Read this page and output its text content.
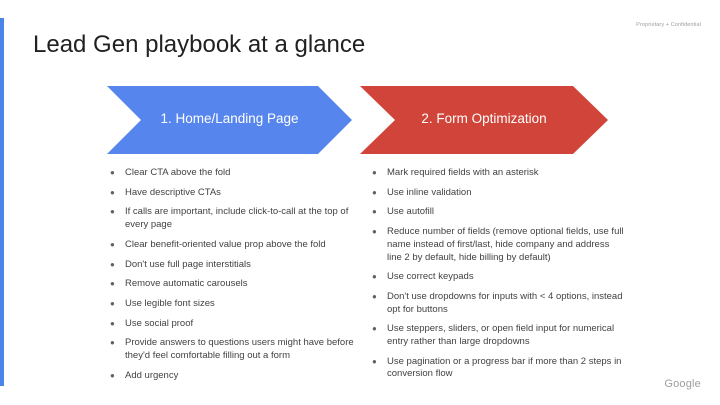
Proprietary + Confidential
Lead Gen playbook at a glance
1. Home/Landing Page	2. Form Optimization
● Clear CTA above the fold
● Have descriptive CTAs
● If calls are important, include click-to-call at the top of every page
● Clear benefit-oriented value prop above the fold
● Don't use full page interstitials
● Remove automatic carousels
● Use legible font sizes
● Use social proof
● Provide answers to questions users might have before they'd feel comfortable filling out a form
● Add urgency
● Mark required fields with an asterisk
● Use inline validation
● Use autofill
● Reduce number of fields (remove optional fields, use full name instead of first/last, hide company and address line 2 by default, hide billing by default)
● Use correct keypads
● Don't use dropdowns for inputs with < 4 options, instead opt for buttons
● Use steppers, sliders, or open field input for numerical entry rather than large dropdowns
● Use pagination or a progress bar if more than 2 steps in conversion flow
Google
